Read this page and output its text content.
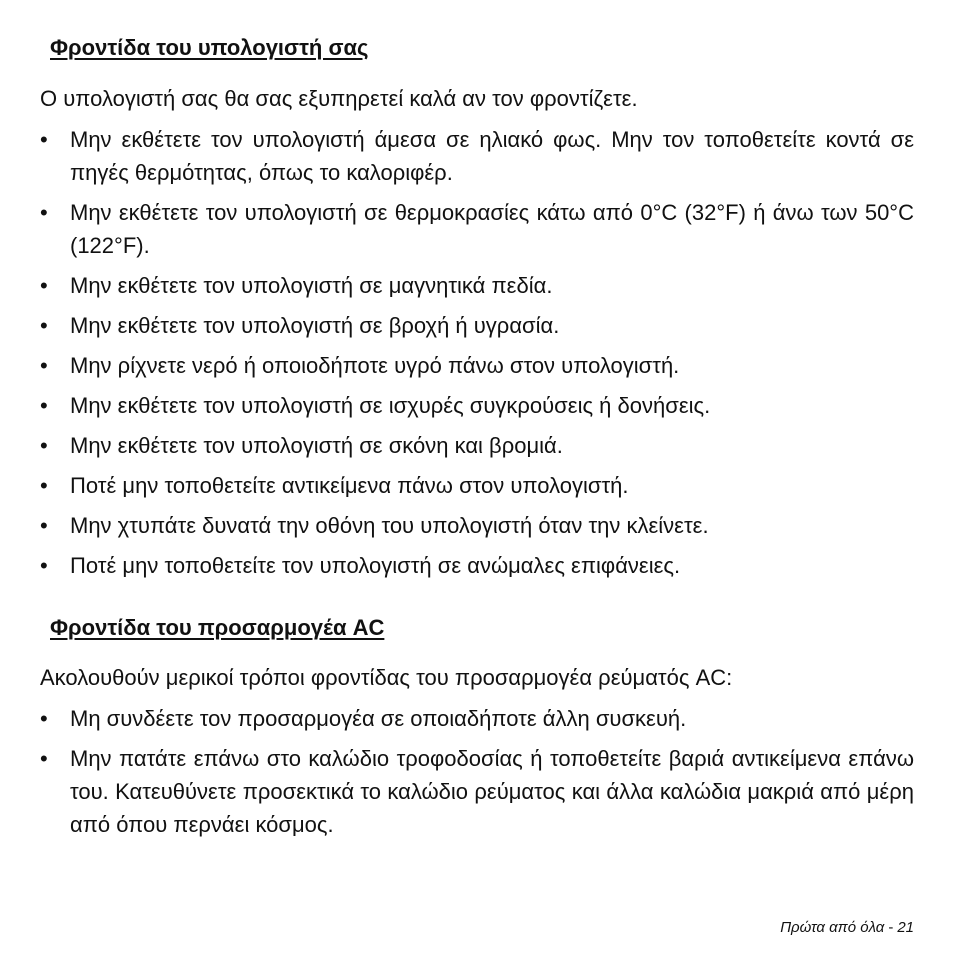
Φροντίδα του υπολογιστή σας

Ο υπολογιστή σας θα σας εξυπηρετεί καλά αν τον φροντίζετε.

• Μην εκθέτετε τον υπολογιστή άμεσα σε ηλιακό φως. Μην τον τοποθετείτε κοντά σε πηγές θερμότητας, όπως το καλοριφέρ.
• Μην εκθέτετε τον υπολογιστή σε θερμοκρασίες κάτω από 0°C (32°F) ή άνω των 50°C (122°F).
• Μην εκθέτετε τον υπολογιστή σε μαγνητικά πεδία.
• Μην εκθέτετε τον υπολογιστή σε βροχή ή υγρασία.
• Μην ρίχνετε νερό ή οποιοδήποτε υγρό πάνω στον υπολογιστή.
• Μην εκθέτετε τον υπολογιστή σε ισχυρές συγκρούσεις ή δονήσεις.
• Μην εκθέτετε τον υπολογιστή σε σκόνη και βρομιά.
• Ποτέ μην τοποθετείτε αντικείμενα πάνω στον υπολογιστή.
• Μην χτυπάτε δυνατά την οθόνη του υπολογιστή όταν την κλείνετε.
• Ποτέ μην τοποθετείτε τον υπολογιστή σε ανώμαλες επιφάνειες.
Φροντίδα του προσαρμογέα AC

Ακολουθούν μερικοί τρόποι φροντίδας του προσαρμογέα ρεύματός AC:

• Μη συνδέετε τον προσαρμογέα σε οποιαδήποτε άλλη συσκευή.
• Μην πατάτε επάνω στο καλώδιο τροφοδοσίας ή τοποθετείτε βαριά αντικείμενα επάνω του. Κατευθύνετε προσεκτικά το καλώδιο ρεύματος και άλλα καλώδια μακριά από μέρη από όπου περνάει κόσμος.
Πρώτα από όλα - 21
